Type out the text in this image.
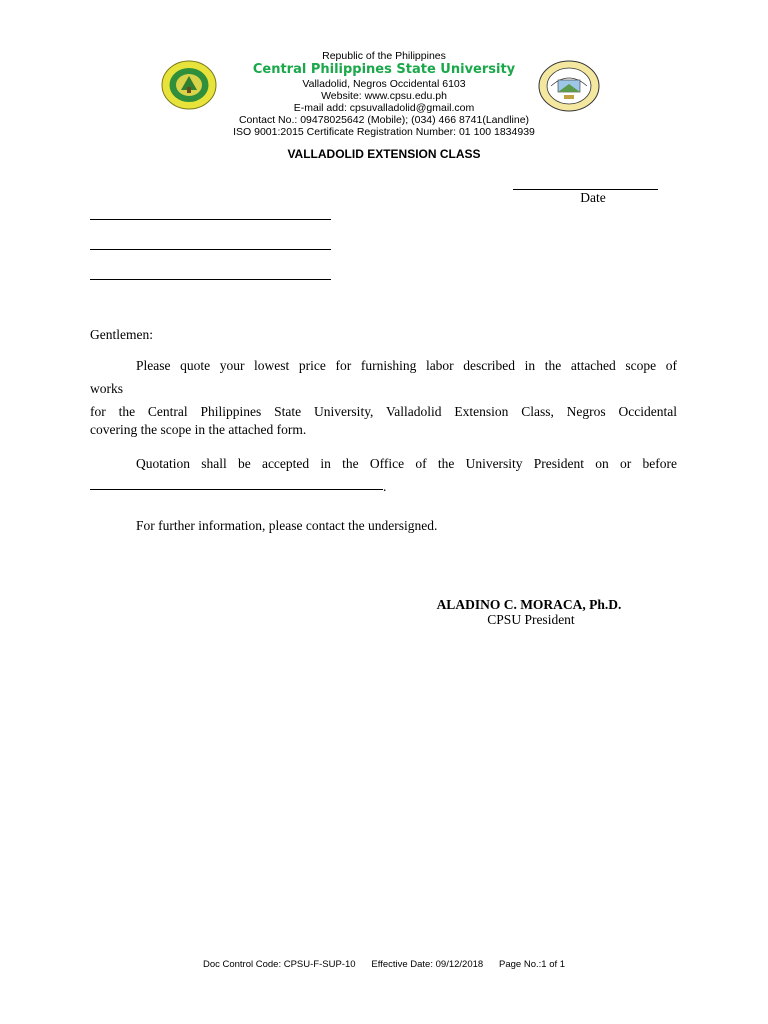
Republic of the Philippines
Central Philippines State University
Valladolid, Negros Occidental 6103
Website: www.cpsu.edu.ph
E-mail add: cpsuvalladolid@gmail.com
Contact No.: 09478025642 (Mobile); (034) 466 8741(Landline)
ISO 9001:2015 Certificate Registration Number: 01 100 1834939
VALLADOLID EXTENSION CLASS
Date
Gentlemen:
Please quote your lowest price for furnishing labor described in the attached scope of
works
for the Central Philippines State University, Valladolid Extension Class, Negros Occidental
covering the scope in the attached form.
Quotation shall be accepted in the Office of the University President on or before
.
For further information, please contact the undersigned.
ALADINO C. MORACA, Ph.D.
CPSU President
Doc Control Code: CPSU-F-SUP-10 Effective Date: 09/12/2018 Page No.:1 of 1
